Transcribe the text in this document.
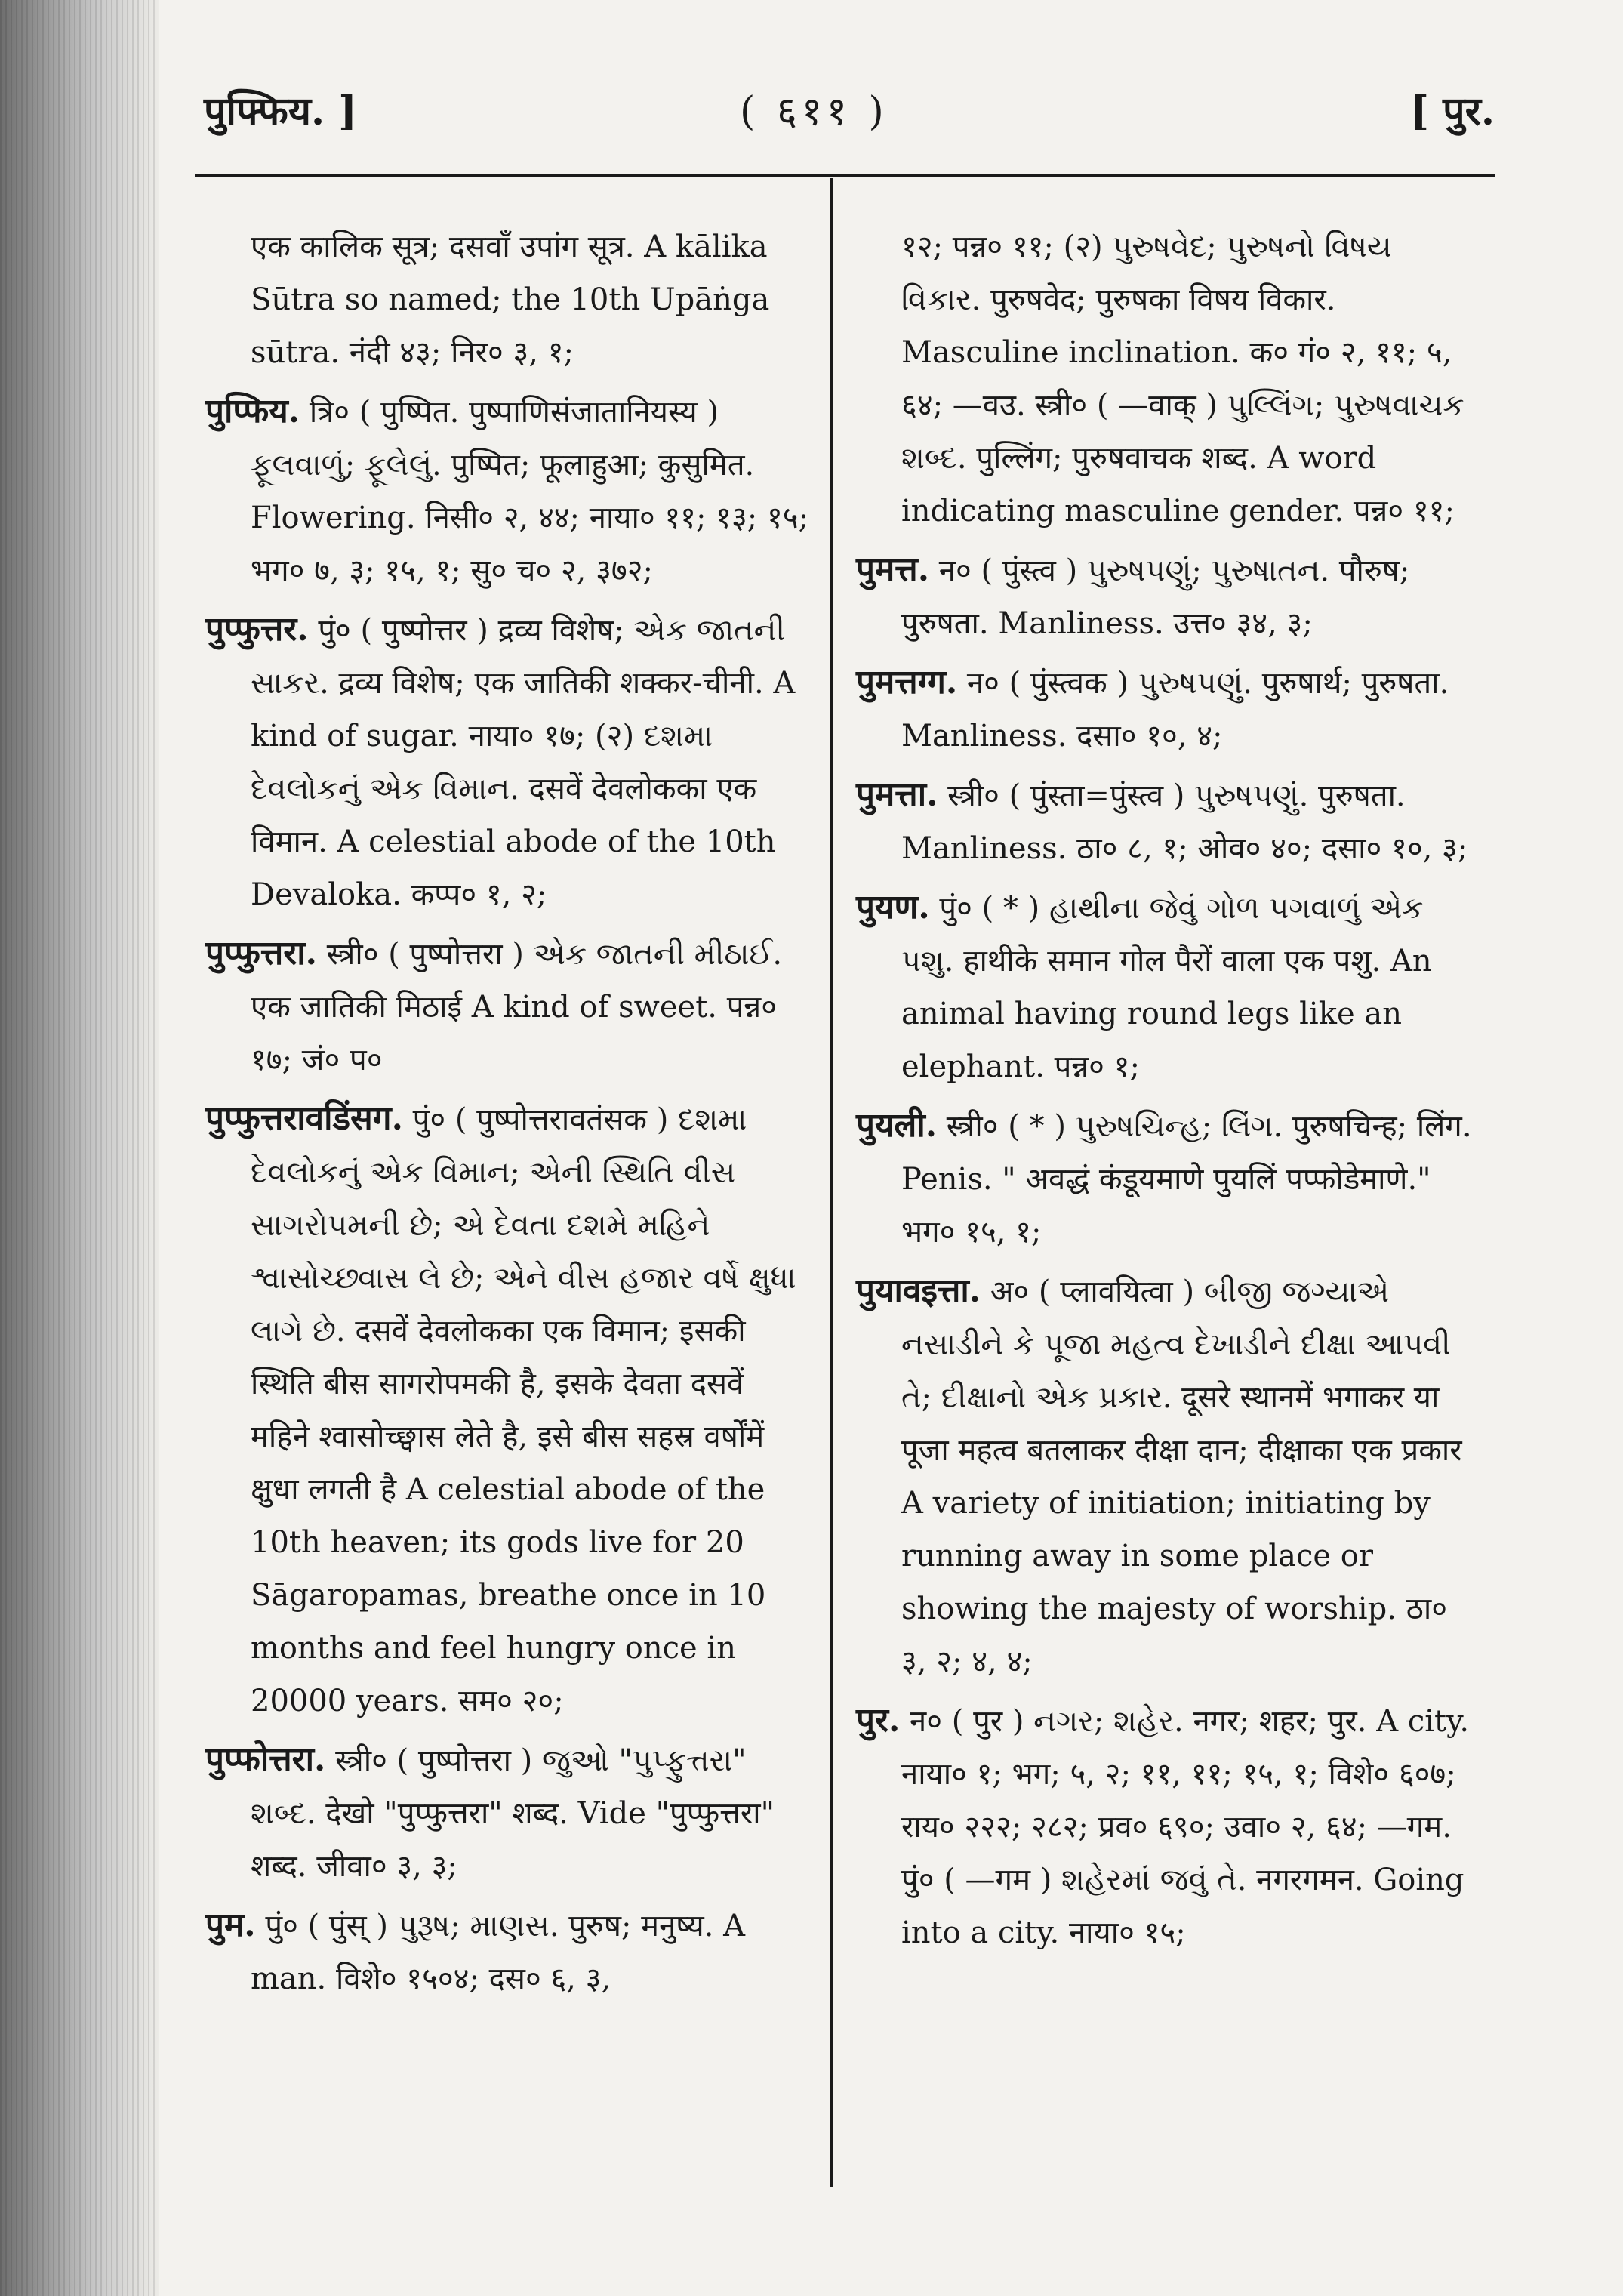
पुफ्फिय. ]	( ६११ )	[ पुर.

एक कालिक सूत्र; दसवाँ उपांग सूत्र. A kālika Sūtra so named; the 10th Upāṅga sūtra. नंदी ४३; निर० ३, १;

पुप्फिय. त्रि० ( पुष्पित. पुष्पाणिसंजातानियस्य ) ફૂલવાળું; ફૂલેલું. पुष्पित; फूलाहुआ; कुसुमित. Flowering. निसी० २, ४४; नाया० ११; १३; १५; भग० ७, ३; १५, १; सु० च० २, ३७२;

पुप्फुत्तर. पुं० ( पुष्पोत्तर ) द्रव्य विशेष; એક જાતની સાકર. द्रव्य विशेष; एक जातिकी शक्कर-चीनी. A kind of sugar. नाया० १७; (२) દશમા દેવલોકનું એક વિમાન. दसवें देवलोकका एक विमान. A celestial abode of the 10th Devaloka. कप्प० १, २;

पुप्फुत्तरा. स्त्री० ( पुष्पोत्तरा ) એક જાતની મીઠાઈ. एक जातिकी मिठाई A kind of sweet. पन्न० १७; जं० प०

पुप्फुत्तरावडिंसग. पुं० ( पुष्पोत्तरावतंसक ) દશમા દેવલોકનું એક વિમાન; એની સ્થિતિ વીસ સાગરોપમની છે; એ દેવતા દશમે મહિને શ્વાસોચ્છ્વાસ લે છે; એને વીસ હજાર વર્ષે ક્ષુધા લાગે છે. दसवें देवलोकका एक विमान; इसकी स्थिति बीस सागरोपमकी है, इसके देवता दसवें महिने श्वासोच्छ्वास लेते है, इसे बीस सहस्र वर्षोंमें क्षुधा लगती है A celestial abode of the 10th heaven; its gods live for 20 Sāgaropamas, breathe once in 10 months and feel hungry once in 20000 years. सम० २०;

पुप्फोत्तरा. स्त्री० ( पुष्पोत्तरा ) જુઓ "પુપ્ફુત્તરા" શબ્દ. देखो "पुप्फुत्तरा" शब्द. Vide "पुप्फुत्तरा" शब्द. जीवा० ३, ३;

पुम. पुं० ( पुंस् ) પુરૂષ; માણસ. पुरुष; मनुष्य. A man. विशे० १५०४; दस० ६, ३,

१२; पन्न० ११; (२) પુરુષવેદ; પુરુષનો વિષય વિકાર. पुरुषवेद; पुरुषका विषय विकार. Masculine inclination. क० गं० २, ११; ५, ६४; —वउ. स्त्री० ( —वाक् ) પુલ્લિંગ; પુરુષવાચક શબ્દ. पुल्लिंग; पुरुषवाचक शब्द. A word indicating masculine gender. पन्न० ११;

पुमत्त. न० ( पुंस्त्व ) પુરુષપણું; પુરુષાતન. पौरुष; पुरुषता. Manliness. उत्त० ३४, ३;

पुमत्तग्ग. न० ( पुंस्त्वक ) પુરુષપણું. पुरुषार्थ; पुरुषता. Manliness. दसा० १०, ४;

पुमत्ता. स्त्री० ( पुंस्ता=पुंस्त्व ) પુરુષપણું. पुरुषता. Manliness. ठा० ८, १; ओव० ४०; दसा० १०, ३;

पुयण. पुं० ( * ) હાથીના જેવું ગોળ પગવાળું એક પશુ. हाथीके समान गोल पैरों वाला एक पशु. An animal having round legs like an elephant. पन्न० १;

पुयली. स्त्री० ( * ) પુરુષચિન્હ; લિંગ. पुरुषचिन्ह; लिंग. Penis. " अवद्धं कंडूयमाणे पुयलिं पप्फोडेमाणे." भग० १५, १;

पुयावइत्ता. अ० ( प्लावयित्वा ) બીજી જગ્યાએ નસાડીને કે પૂજા મહત્વ દેખાડીને દીક્ષા આપવી તે; દીક્ષાનો એક પ્રકાર. दूसरे स्थानमें भगाकर या पूजा महत्व बतलाकर दीक्षा दान; दीक्षाका एक प्रकार A variety of initiation; initiating by running away in some place or showing the majesty of worship. ठा० ३, २; ४, ४;

पुर. न० ( पुर ) નગર; શહેર. नगर; शहर; पुर. A city. नाया० १; भग; ५, २; ११, ११; १५, १; विशे० ६०७; राय० २२२; २८२; प्रव० ६९०; उवा० २, ६४; —गम. पुं० ( —गम ) શહેરમાં જવું તે. नगरगमन. Going into a city. नाया० १५;
